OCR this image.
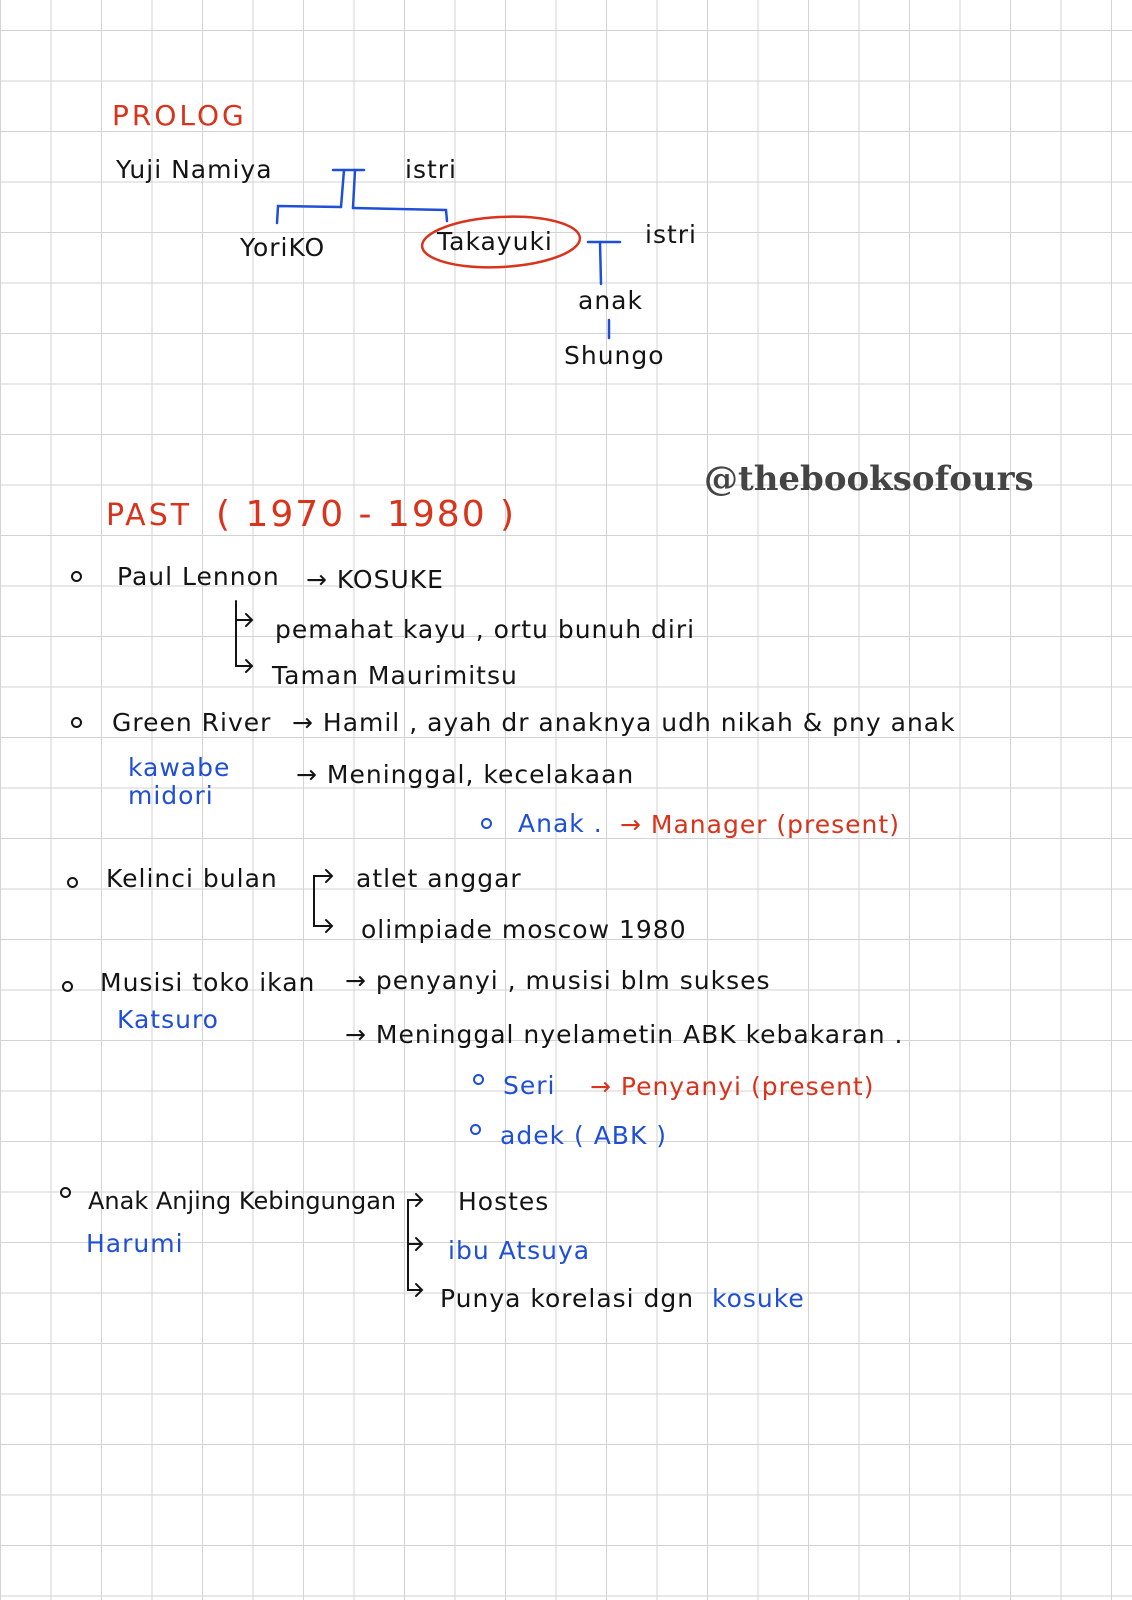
@thebooksofours
PROLOG
Yuji Namiya	istri
YoriKO	Takayuki	istri
anak
Shungo
PAST ( 1970 - 1980 )
Paul Lennon → KOSUKE
pemahat kayu , ortu bunuh diri
Taman Maurimitsu
Green River
kawabe midori
→ Hamil , ayah dr anaknya udh nikah & pny anak
→ Meninggal, kecelakaan
Anak . → Manager (present)
Kelinci bulan	atlet anggar
olimpiade moscow 1980
Musisi toko ikan
Katsuro
→ penyanyi , musisi blm sukses
→ Meninggal nyelametin ABK kebakaran .
Seri → Penyanyi (present)
adek ( ABK )
Anak Anjing Kebingungan
Harumi
Hostes
ibu Atsuya
Punya korelasi dgn kosuke
